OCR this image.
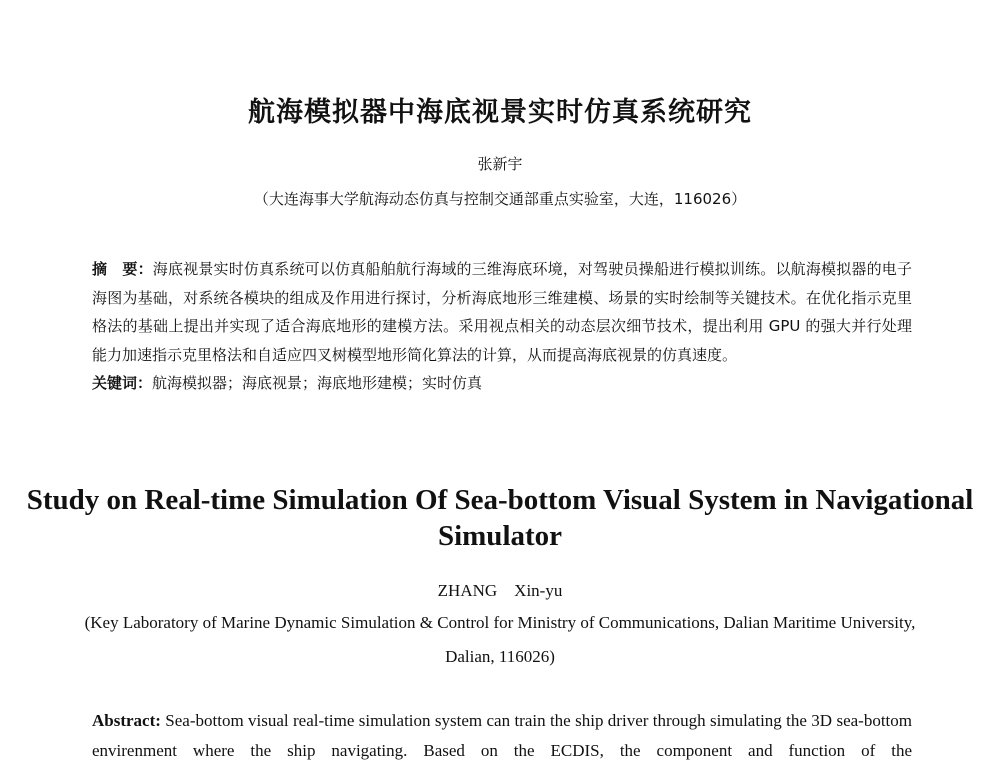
航海模拟器中海底视景实时仿真系统研究
张新宇
（大连海事大学航海动态仿真与控制交通部重点实验室，大连，116026）
摘　要：海底视景实时仿真系统可以仿真船舶航行海域的三维海底环境，对驾驶员操船进行模拟训练。以航海模拟器的电子海图为基础，对系统各模块的组成及作用进行探讨，分析海底地形三维建模、场景的实时绘制等关键技术。在优化指示克里格法的基础上提出并实现了适合海底地形的建模方法。采用视点相关的动态层次细节技术，提出利用 GPU 的强大并行处理能力加速指示克里格法和自适应四叉树模型地形简化算法的计算，从而提高海底视景的仿真速度。
关键词：航海模拟器；海底视景；海底地形建模；实时仿真
Study on Real-time Simulation Of Sea-bottom Visual System in Navigational Simulator
ZHANG　Xin-yu
(Key Laboratory of Marine Dynamic Simulation & Control for Ministry of Communications, Dalian Maritime University, Dalian, 116026)
Abstract: Sea-bottom visual real-time simulation system can train the ship driver through simulating the 3D sea-bottom envirenment where the ship navigating. Based on the ECDIS, the component and function of the
